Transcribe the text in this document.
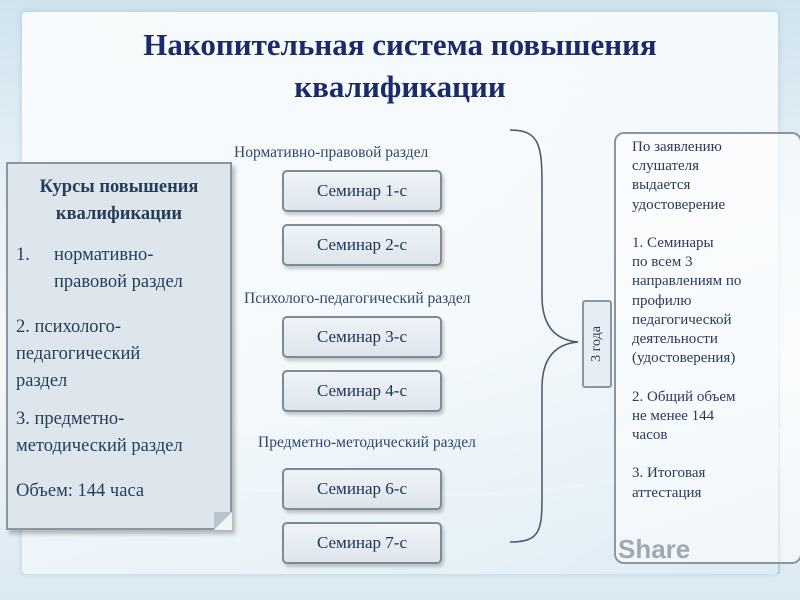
Накопительная система повышения
квалификации
Курсы повышения
квалификации
1. нормативно-
правовой раздел
2. психолого-
педагогический
раздел
3. предметно-
методический раздел
Объем: 144 часа
Нормативно-правовой раздел
Психолого-педагогический раздел
Предметно-методический раздел
Семинар 1-с
Семинар 2-с
Семинар 3-с
Семинар 4-с
Семинар 6-с
Семинар 7-с
3 года
По заявлению
слушателя
выдается
удостоверение
1. Семинары
по всем 3
направлениям по
профилю
педагогической
деятельности
(удостоверения)
2. Общий объем
не менее 144
часов
3. Итоговая
аттестация
Share
